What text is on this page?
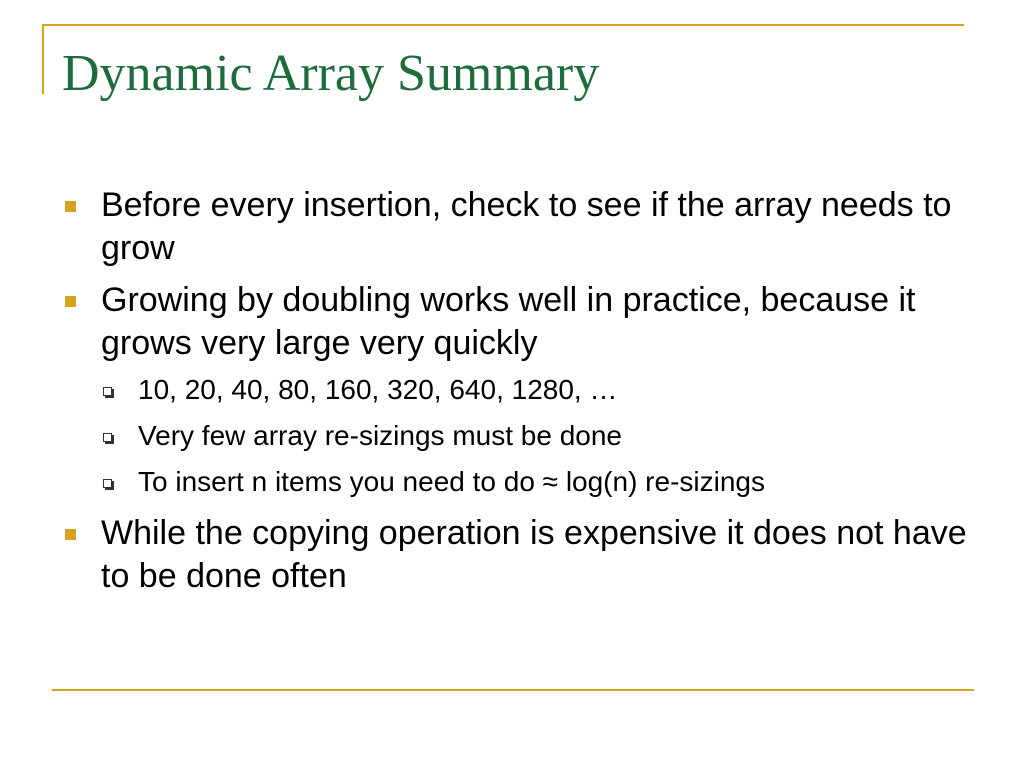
Dynamic Array Summary
Before every insertion, check to see if the array needs to grow
Growing by doubling works well in practice, because it grows very large very quickly
10, 20, 40, 80, 160, 320, 640, 1280, …
Very few array re-sizings must be done
To insert n items you need to do ≈ log(n) re-sizings
While the copying operation is expensive it does not have to be done often
